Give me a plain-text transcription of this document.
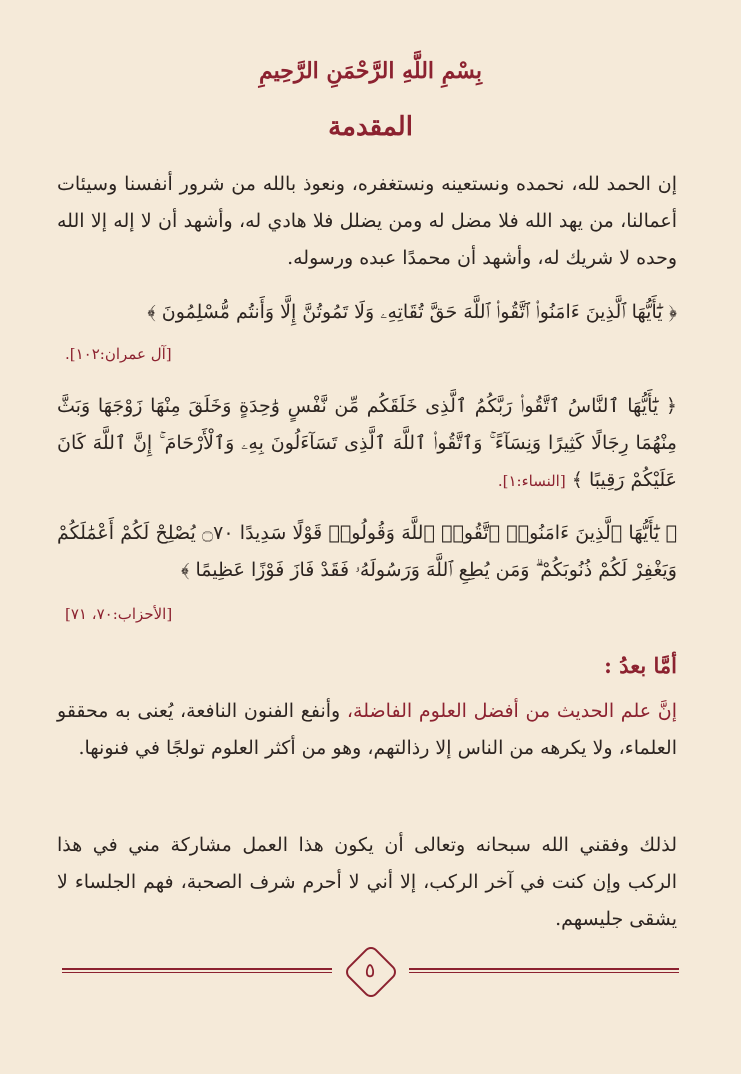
بِسْمِ اللَّهِ الرَّحْمَنِ الرَّحِيمِ
المقدمة
إن الحمد لله، نحمده ونستعينه ونستغفره، ونعوذ بالله من شرور أنفسنا وسيئات أعمالنا، من يهد الله فلا مضل له ومن يضلل فلا هادي له، وأشهد أن لا إله إلا الله وحده لا شريك له، وأشهد أن محمدًا عبده ورسوله.
﴿ يَٰٓأَيُّهَا ٱلَّذِينَ ءَامَنُوا۟ ٱتَّقُوا۟ ٱللَّهَ حَقَّ تُقَاتِهِۦ وَلَا تَمُوتُنَّ إِلَّا وَأَنتُم مُّسْلِمُونَ ﴾
[آل عمران:١٠٢].
﴿ يَٰٓأَيُّهَا ٱلنَّاسُ ٱتَّقُوا۟ رَبَّكُمُ ٱلَّذِى خَلَقَكُم مِّن نَّفْسٍ وَٰحِدَةٍ وَخَلَقَ مِنْهَا زَوْجَهَا وَبَثَّ مِنْهُمَا رِجَالًا كَثِيرًا وَنِسَآءً ۚ وَٱتَّقُوا۟ ٱللَّهَ ٱلَّذِى تَسَآءَلُونَ بِهِۦ وَٱلْأَرْحَامَ ۚ إِنَّ ٱللَّهَ كَانَ عَلَيْكُمْ رَقِيبًا ﴾ [النساء:١].
﴿ يَٰٓأَيُّهَا ٱلَّذِينَ ءَامَنُوا۟ ٱتَّقُوا۟ ٱللَّهَ وَقُولُوا۟ قَوْلًا سَدِيدًا ۝٧٠ يُصْلِحْ لَكُمْ أَعْمَٰلَكُمْ وَيَغْفِرْ لَكُمْ ذُنُوبَكُمْ ۗ وَمَن يُطِعِ ٱللَّهَ وَرَسُولَهُۥ فَقَدْ فَازَ فَوْزًا عَظِيمًا ﴾
[الأحزاب:٧٠، ٧١]
أمَّا بعدُ :
إنَّ علم الحديث من أفضل العلوم الفاضلة، وأنفع الفنون النافعة، يُعنى به محققو العلماء، ولا يكرهه من الناس إلا رذالتهم، وهو من أكثر العلوم تولجًا في فنونها.
لذلك وفقني الله سبحانه وتعالى أن يكون هذا العمل مشاركة مني في هذا الركب وإن كنت في آخر الركب، إلا أني لا أحرم شرف الصحبة، فهم الجلساء لا يشقى جليسهم.
٥
